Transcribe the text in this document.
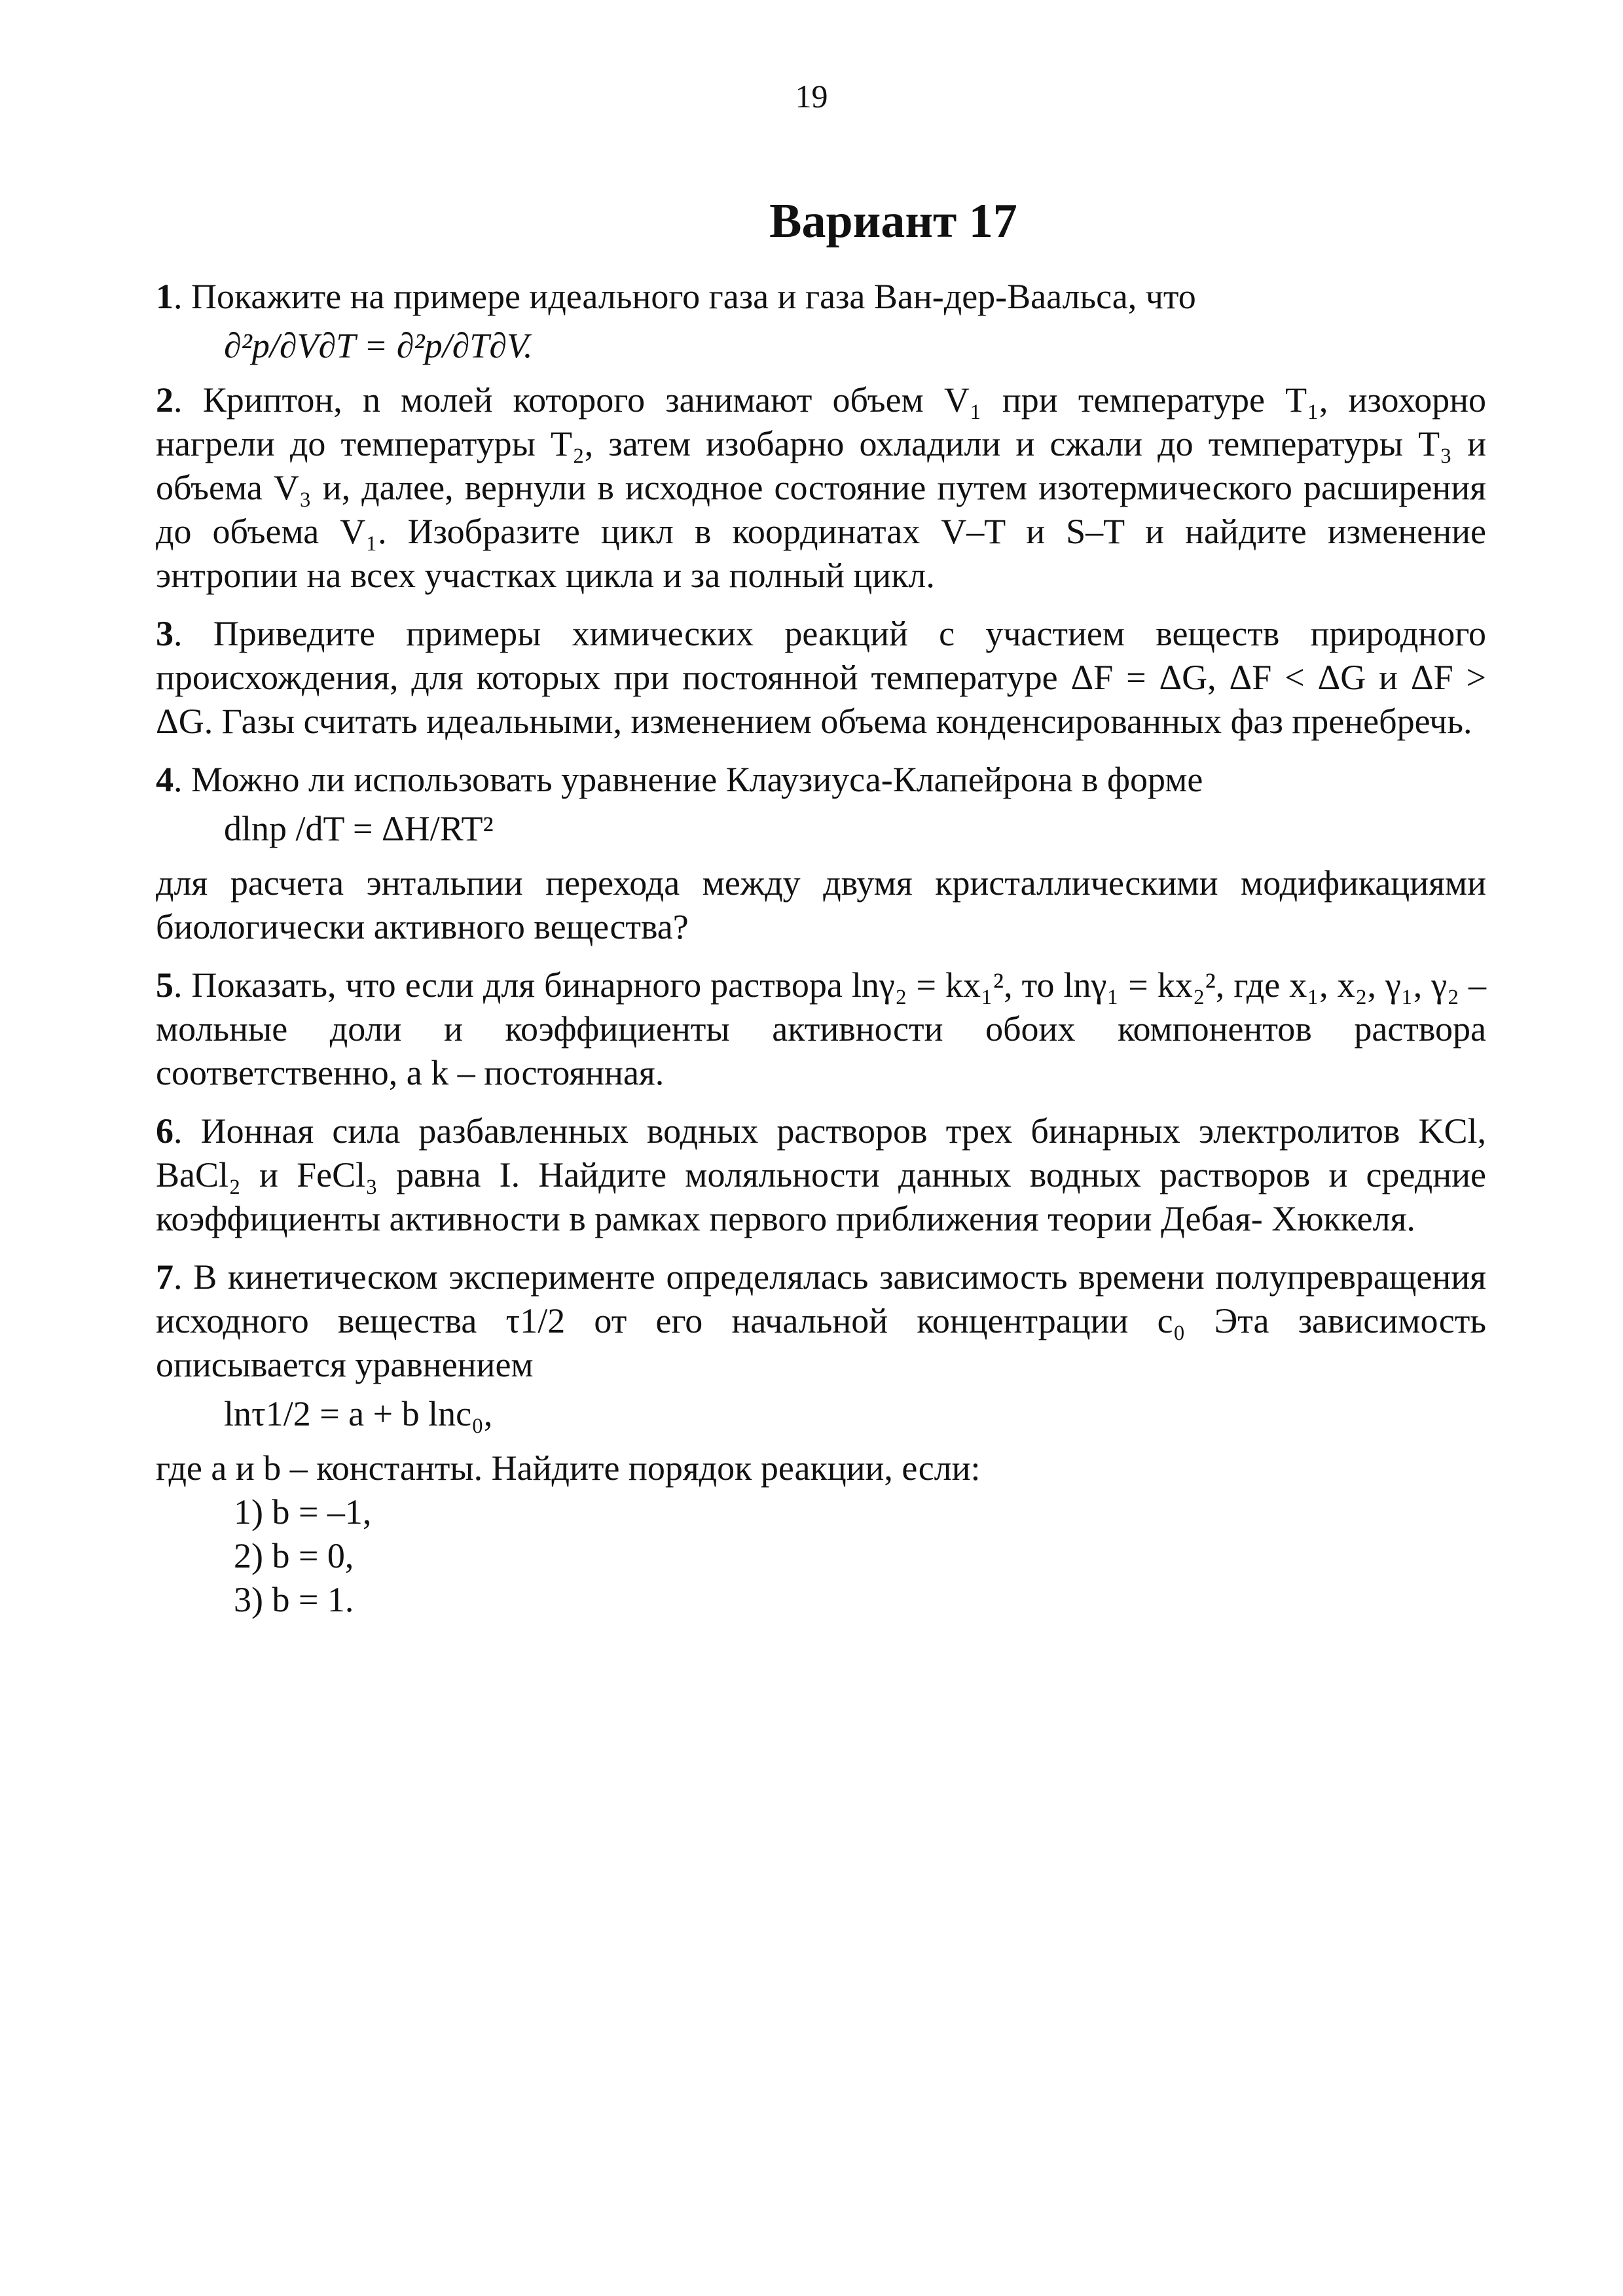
19
Вариант 17

1. Покажите на примере идеального газа и газа Ван-дер-Ваальса, что

∂²p/∂V∂T = ∂²p/∂T∂V.

2. Криптон, n молей которого занимают объем V₁ при температуре T₁, изохорно нагрели до температуры T₂, затем изобарно охладили и сжали до температуры T₃ и объема V₃ и, далее, вернули в исходное состояние путем изотермического расширения до объема V₁. Изобразите цикл в координатах V–T и S–T и найдите изменение энтропии на всех участках цикла и за полный цикл.

3. Приведите примеры химических реакций с участием веществ природного происхождения, для которых при постоянной температуре ΔF = ΔG, ΔF < ΔG и ΔF > ΔG. Газы считать идеальными, изменением объема конденсированных фаз пренебречь.

4. Можно ли использовать уравнение Клаузиуса-Клапейрона в форме

dlnp /dT = ΔH/RT²

для расчета энтальпии перехода между двумя кристаллическими модификациями биологически активного вещества?

5. Показать, что если для бинарного раствора lnγ₂ = kx₁², то lnγ₁ = kx₂², где x₁, x₂, γ₁, γ₂ – мольные доли и коэффициенты активности обоих компонентов раствора соответственно, а k – постоянная.

6. Ионная сила разбавленных водных растворов трех бинарных электролитов KCl, BaCl₂ и FeCl₃ равна I. Найдите моляльности данных водных растворов и средние коэффициенты активности в рамках первого приближения теории Дебая- Хюккеля.

7. В кинетическом эксперименте определялась зависимость времени полупревращения исходного вещества τ1/2 от его начальной концентрации c₀ Эта зависимость описывается уравнением

lnτ1/2 = a + b lnc₀,

где a и b – константы. Найдите порядок реакции, если:

1) b = –1,

2) b = 0,

3) b = 1.
